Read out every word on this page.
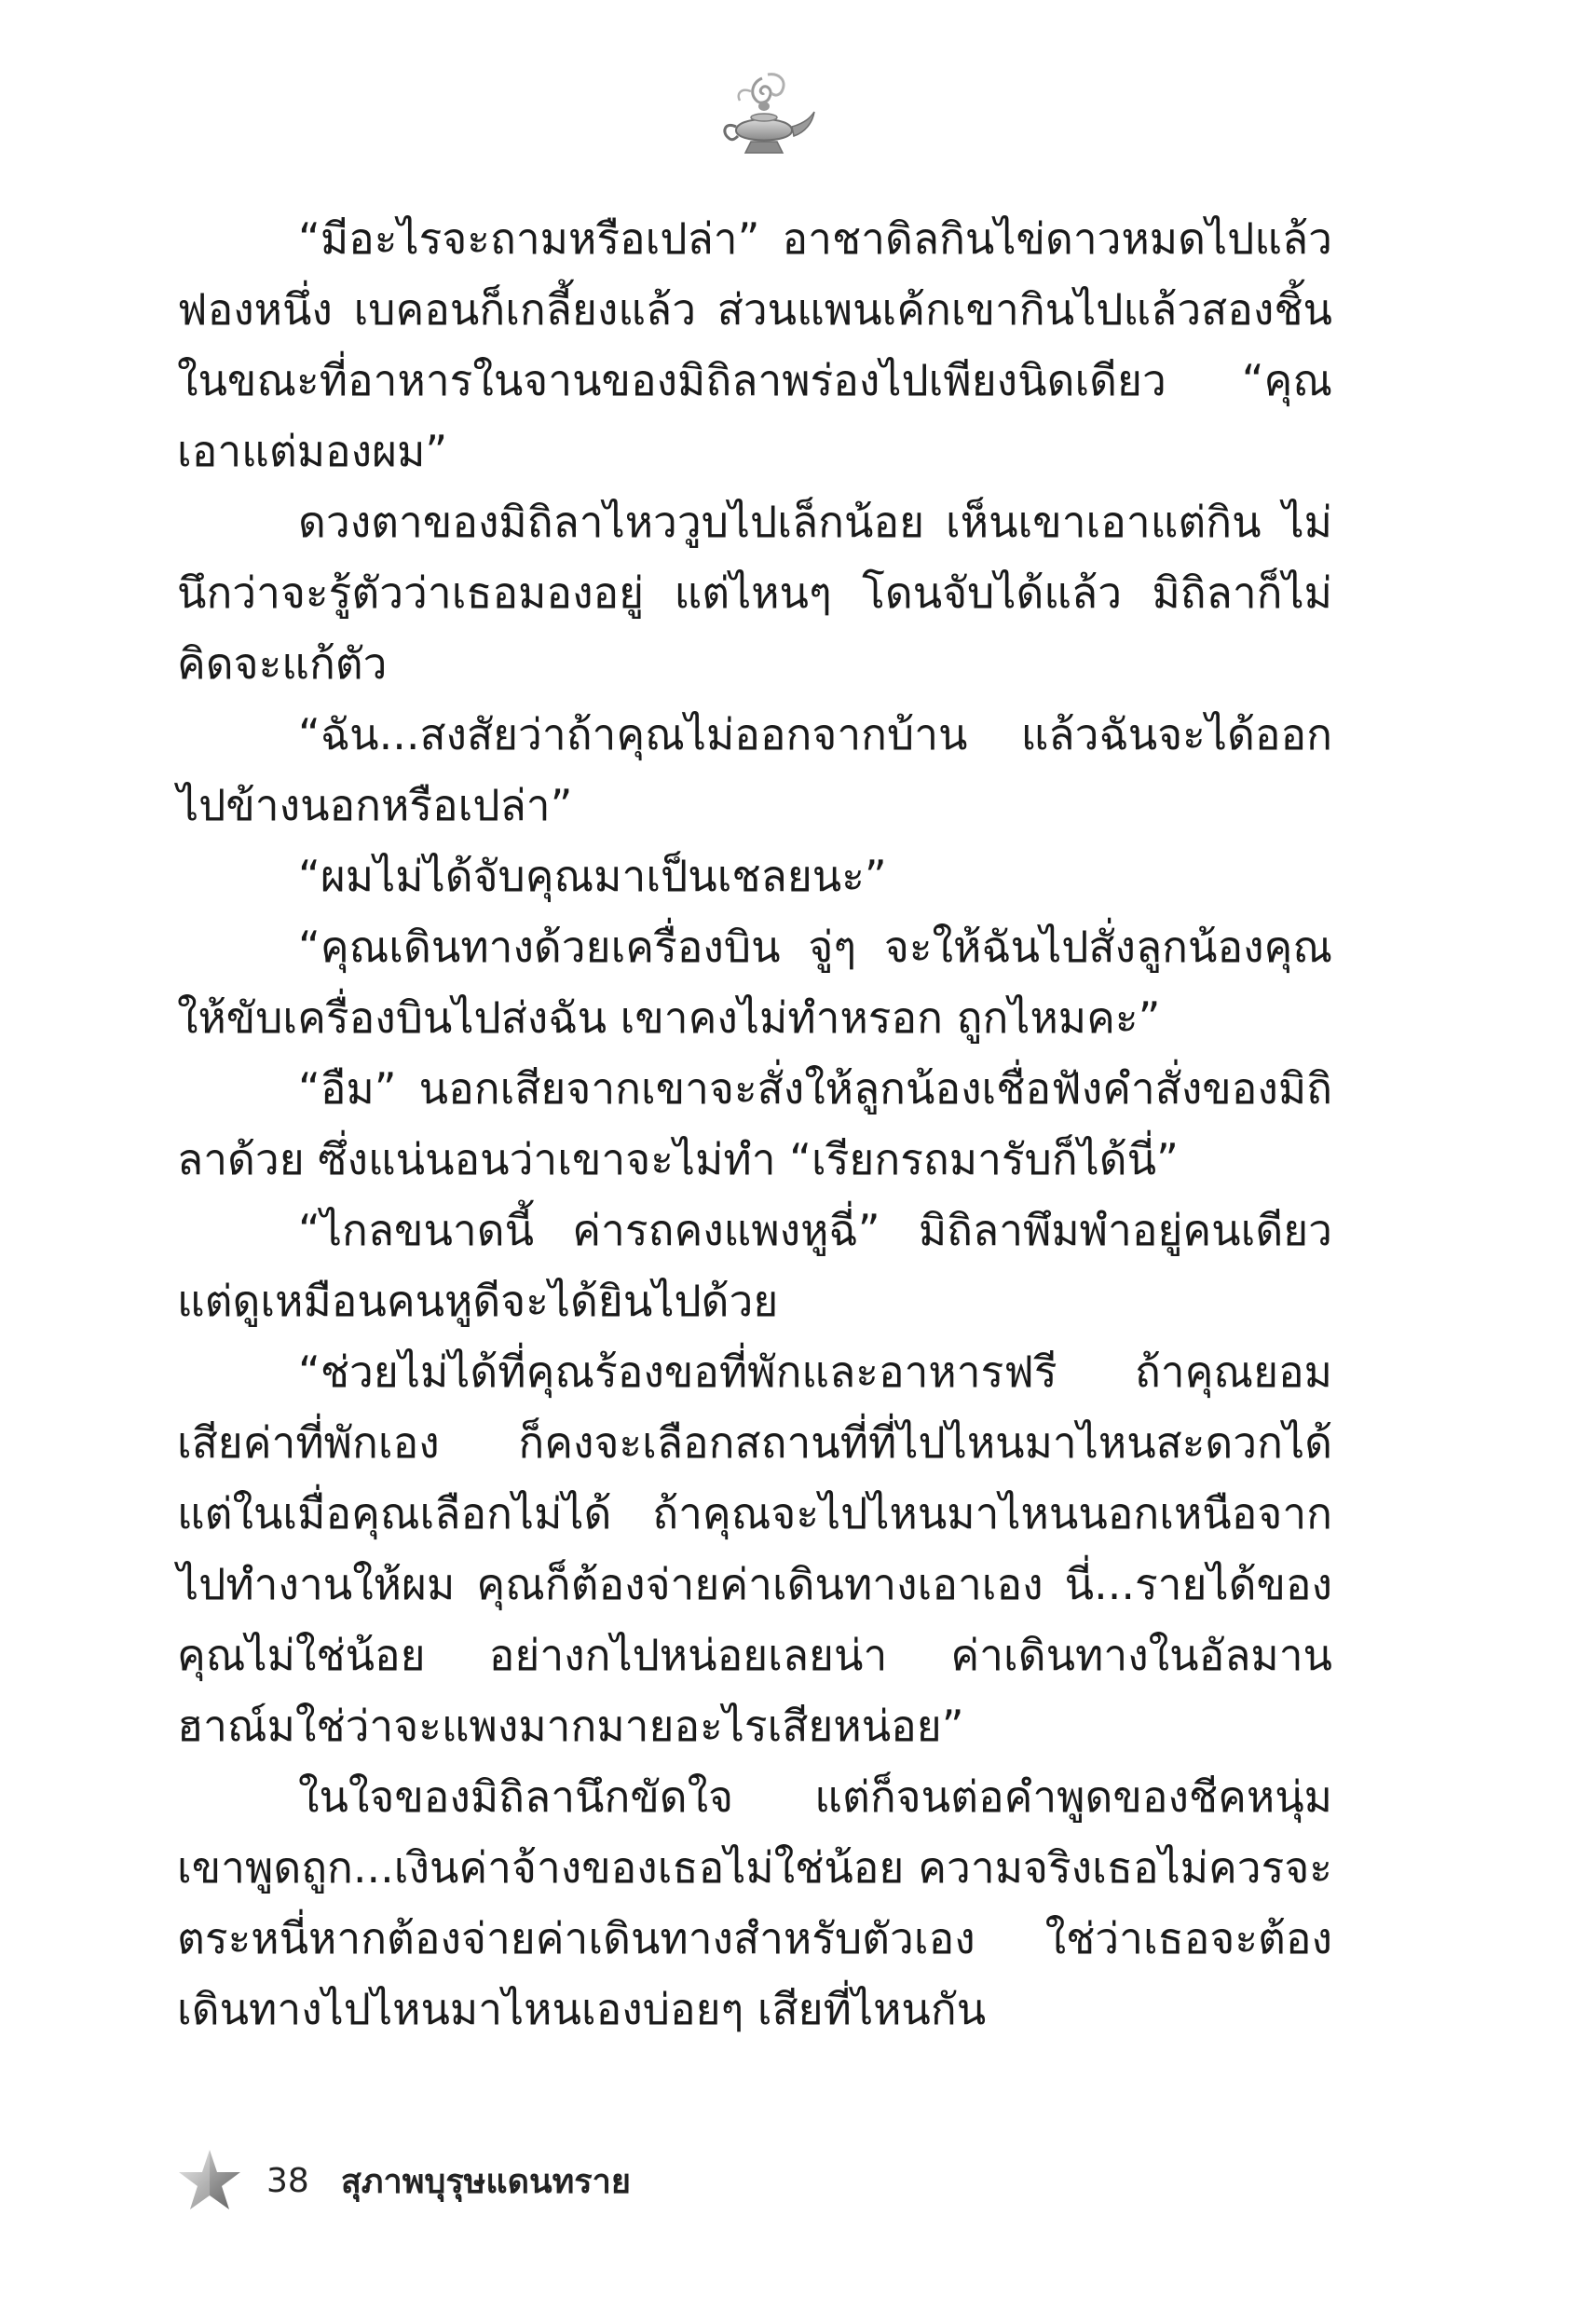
“มีอะไรจะถามหรือเปล่า” อาชาดิลกินไข่ดาวหมดไปแล้วฟองหนึ่ง เบคอนก็เกลี้ยงแล้ว ส่วนแพนเค้กเขากินไปแล้วสองชิ้นในขณะที่อาหารในจานของมิถิลาพร่องไปเพียงนิดเดียว “คุณเอาแต่มองผม”

ดวงตาของมิถิลาไหววูบไปเล็กน้อย เห็นเขาเอาแต่กิน ไม่นึกว่าจะรู้ตัวว่าเธอมองอยู่ แต่ไหนๆ โดนจับได้แล้ว มิถิลาก็ไม่คิดจะแก้ตัว

“ฉัน...สงสัยว่าถ้าคุณไม่ออกจากบ้าน แล้วฉันจะได้ออกไปข้างนอกหรือเปล่า”

“ผมไม่ได้จับคุณมาเป็นเชลยนะ”

“คุณเดินทางด้วยเครื่องบิน จู่ๆ จะให้ฉันไปสั่งลูกน้องคุณให้ขับเครื่องบินไปส่งฉัน เขาคงไม่ทำหรอก ถูกไหมคะ”

“อืม” นอกเสียจากเขาจะสั่งให้ลูกน้องเชื่อฟังคำสั่งของมิถิลาด้วย ซึ่งแน่นอนว่าเขาจะไม่ทำ “เรียกรถมารับก็ได้นี่”

“ไกลขนาดนี้ ค่ารถคงแพงหูฉี่” มิถิลาพึมพำอยู่คนเดียว แต่ดูเหมือนคนหูดีจะได้ยินไปด้วย

“ช่วยไม่ได้ที่คุณร้องขอที่พักและอาหารฟรี ถ้าคุณยอมเสียค่าที่พักเอง ก็คงจะเลือกสถานที่ที่ไปไหนมาไหนสะดวกได้ แต่ในเมื่อคุณเลือกไม่ได้ ถ้าคุณจะไปไหนมาไหนนอกเหนือจากไปทำงานให้ผม คุณก็ต้องจ่ายค่าเดินทางเอาเอง นี่...รายได้ของคุณไม่ใช่น้อย อย่างกไปหน่อยเลยน่า ค่าเดินทางในอัลมานฮาณ์มใช่ว่าจะแพงมากมายอะไรเสียหน่อย”

ในใจของมิถิลานึกขัดใจ แต่ก็จนต่อคำพูดของชีคหนุ่ม เขาพูดถูก...เงินค่าจ้างของเธอไม่ใช่น้อย ความจริงเธอไม่ควรจะตระหนี่หากต้องจ่ายค่าเดินทางสำหรับตัวเอง ใช่ว่าเธอจะต้องเดินทางไปไหนมาไหนเองบ่อยๆ เสียที่ไหนกัน

38 สุภาพบุรุษแดนทราย
